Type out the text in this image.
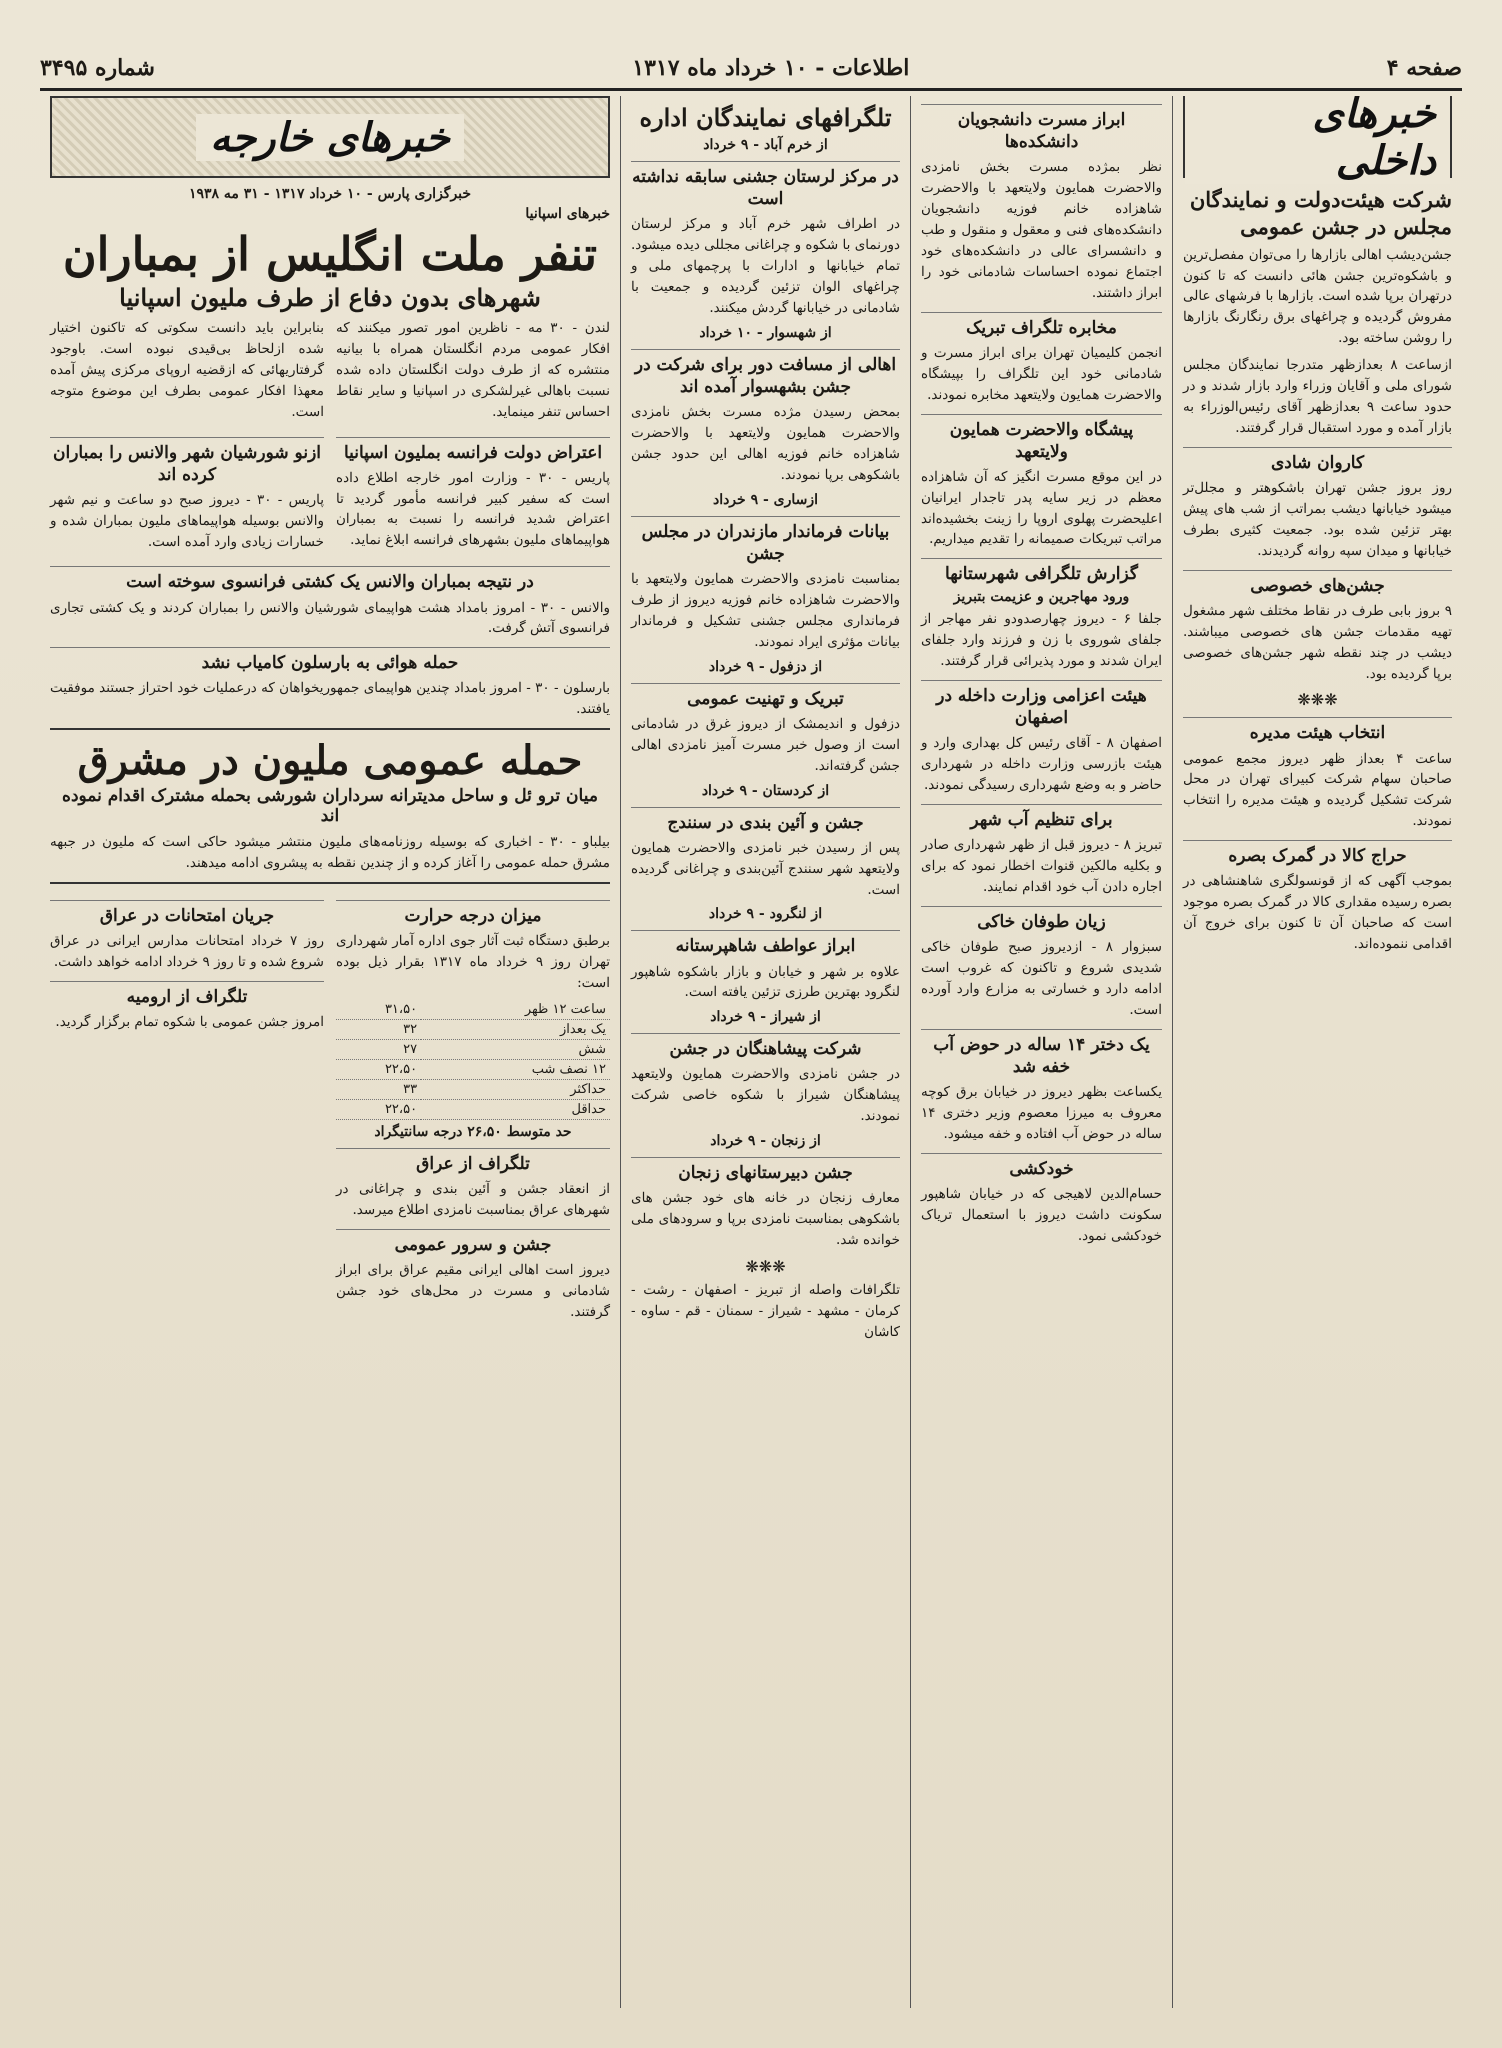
صفحه ۴
اطلاعات - ۱۰ خرداد ماه ۱۳۱۷
شماره ۳۴۹۵
خبرهای داخلی
شرکت هیئت‌دولت و نمایندگان مجلس در جشن عمومی

جشن‌دیشب اهالی بازارها را می‌توان مفصل‌ترین و باشکوه‌ترین جشن هائی دانست که تا کنون درتهران برپا شده است. بازارها با فرشهای عالی مفروش گردیده و چراغهای برق رنگارنگ بازارها را روشن ساخته بود.

ازساعت ۸ بعدازظهر متدرجا نمایندگان مجلس شورای ملی و آقایان وزراء وارد بازار شدند و در حدود ساعت ۹ بعدازظهر آقای رئیس‌الوزراء به بازار آمده و مورد استقبال قرار گرفتند.

کاروان شادی

روز بروز جشن تهران باشکوهتر و مجلل‌تر میشود خیابانها دیشب بمراتب از شب های پیش بهتر تزئین شده بود. جمعیت کثیری بطرف خیابانها و میدان سپه روانه گردیدند.

جشن‌های خصوصی

۹ بروز بابی طرف در نقاط مختلف شهر مشغول تهیه مقدمات جشن های خصوصی میباشند. دیشب در چند نقطه شهر جشن‌های خصوصی برپا گردیده بود.

❋❋❋
انتخاب هیئت مدیره

ساعت ۴ بعداز ظهر دیروز مجمع عمومی صاحبان سهام شرکت کبیرای تهران در محل شرکت تشکیل گردیده و هیئت مدیره را انتخاب نمودند.

حراج کالا در گمرک بصره

بموجب آگهی که از قونسولگری شاهنشاهی در بصره رسیده مقداری کالا در گمرک بصره موجود است که صاحبان آن تا کنون برای خروج آن اقدامی ننموده‌اند.

ابراز مسرت دانشجویان دانشکده‌ها

نظر بمژده مسرت بخش نامزدی والاحضرت همایون ولایتعهد با والاحضرت شاهزاده خانم فوزیه دانشجویان دانشکده‌های فنی و معقول و منقول و طب و دانشسرای عالی در دانشکده‌های خود اجتماع نموده احساسات شادمانی خود را ابراز داشتند.

مخابره تلگراف تبریک

انجمن کلیمیان تهران برای ابراز مسرت و شادمانی خود این تلگراف را بپیشگاه والاحضرت همایون ولایتعهد مخابره نمودند.

پیشگاه والاحضرت همایون ولایتعهد

در این موقع مسرت انگیز که آن شاهزاده معظم در زیر سایه پدر تاجدار ایرانیان اعلیحضرت پهلوی اروپا را زینت بخشیده‌اند مراتب تبریکات صمیمانه را تقدیم میداریم.

گزارش تلگرافی شهرستانها
ورود مهاجرین و عزیمت بتبریز

جلفا ۶ - دیروز چهارصدودو نفر مهاجر از جلفای شوروی با زن و فرزند وارد جلفای ایران شدند و مورد پذیرائی قرار گرفتند.

هیئت اعزامی وزارت داخله در اصفهان

اصفهان ۸ - آقای رئیس کل بهداری وارد و هیئت بازرسی وزارت داخله در شهرداری حاضر و به وضع شهرداری رسیدگی نمودند.

برای تنظیم آب شهر

تبریز ۸ - دیروز قبل از ظهر شهرداری صادر و بکلیه مالکین قنوات اخطار نمود که برای اجاره دادن آب خود اقدام نمایند.

زیان طوفان خاکی

سبزوار ۸ - ازدیروز صبح طوفان خاکی شدیدی شروع و تاکنون که غروب است ادامه دارد و خسارتی به مزارع وارد آورده است.

یک دختر ۱۴ ساله در حوض آب خفه شد

یکساعت بظهر دیروز در خیابان برق کوچه معروف به میرزا معصوم وزیر دختری ۱۴ ساله در حوض آب افتاده و خفه میشود.

خودکشی

حسام‌الدین لاهیجی که در خیابان شاهپور سکونت داشت دیروز با استعمال تریاک خودکشی نمود.

تلگرافهای نمایندگان اداره
از خرم آباد - ۹ خرداد
در مرکز لرستان جشنی سابقه نداشته است

در اطراف شهر خرم آباد و مرکز لرستان دورنمای با شکوه و چراغانی مجللی دیده میشود. تمام خیابانها و ادارات با پرچمهای ملی و چراغهای الوان تزئین گردیده و جمعیت با شادمانی در خیابانها گردش میکنند.

از شهسوار - ۱۰ خرداد
اهالی از مسافت دور برای شرکت در جشن بشهسوار آمده اند

بمحض رسیدن مژده مسرت بخش نامزدی والاحضرت همایون ولایتعهد با والاحضرت شاهزاده خانم فوزیه اهالی این حدود جشن باشکوهی برپا نمودند.

ازساری - ۹ خرداد
بیانات فرماندار مازندران در مجلس جشن

بمناسبت نامزدی والاحضرت همایون ولایتعهد با والاحضرت شاهزاده خانم فوزیه دیروز از طرف فرمانداری مجلس جشنی تشکیل و فرماندار بیانات مؤثری ایراد نمودند.

از دزفول - ۹ خرداد
تبریک و تهنیت عمومی

دزفول و اندیمشک از دیروز غرق در شادمانی است از وصول خبر مسرت آمیز نامزدی اهالی جشن گرفته‌اند.

از کردستان - ۹ خرداد
جشن و آئین بندی در سنندج

پس از رسیدن خبر نامزدی والاحضرت همایون ولایتعهد شهر سنندج آئین‌بندی و چراغانی گردیده است.

از لنگرود - ۹ خرداد
ابراز عواطف شاهپرستانه

علاوه بر شهر و خیابان و بازار باشکوه شاهپور لنگرود بهترین طرزی تزئین یافته است.

از شیراز - ۹ خرداد
شرکت پیشاهنگان در جشن

در جشن نامزدی والاحضرت همایون ولایتعهد پیشاهنگان شیراز با شکوه خاصی شرکت نمودند.

از زنجان - ۹ خرداد
جشن دبیرستانهای زنجان

معارف زنجان در خانه های خود جشن های باشکوهی بمناسبت نامزدی برپا و سرودهای ملی خوانده شد.

❋❋❋

تلگرافات واصله از تبریز - اصفهان - رشت - کرمان - مشهد - شیراز - سمنان - قم - ساوه - کاشان

خبرهای خارجه
خبرگزاری پارس - ۱۰ خرداد ۱۳۱۷ - ۳۱ مه ۱۹۳۸
خبرهای اسپانیا
تنفر ملت انگلیس از بمباران
شهرهای بدون دفاع از طرف ملیون اسپانیا

لندن - ۳۰ مه - ناظرین امور تصور میکنند که افکار عمومی مردم انگلستان همراه با بیانیه منتشره که از طرف دولت انگلستان داده شده نسبت باهالی غیرلشکری در اسپانیا و سایر نقاط احساس تنفر مینماید.

بنابراین باید دانست سکوتی که تاکنون اختیار شده ازلحاظ بی‌قیدی نبوده است. باوجود گرفتاریهائی که ازقضیه اروپای مرکزی پیش آمده معهذا افکار عمومی بطرف این موضوع متوجه است.

اعتراض دولت فرانسه بملیون اسپانیا

پاریس - ۳۰ - وزارت امور خارجه اطلاع داده است که سفیر کبیر فرانسه مأمور گردید تا اعتراض شدید فرانسه را نسبت به بمباران هواپیماهای ملیون بشهرهای فرانسه ابلاغ نماید.

ازنو شورشیان شهر والانس را بمباران کرده اند

پاریس - ۳۰ - دیروز صبح دو ساعت و نیم شهر والانس بوسیله هواپیماهای ملیون بمباران شده و خسارات زیادی وارد آمده است.

در نتیجه بمباران والانس یک کشتی فرانسوی سوخته است

والانس - ۳۰ - امروز بامداد هشت هواپیمای شورشیان والانس را بمباران کردند و یک کشتی تجاری فرانسوی آتش گرفت.

حمله هوائی به بارسلون کامیاب نشد

بارسلون - ۳۰ - امروز بامداد چندین هواپیمای جمهوریخواهان که درعملیات خود احتراز جستند موفقیت یافتند.

حمله عمومی ملیون در مشرق
میان ترو ئل و ساحل مدیترانه سرداران شورشی بحمله مشترک اقدام نموده اند

بیلباو - ۳۰ - اخباری که بوسیله روزنامه‌های ملیون منتشر میشود حاکی است که ملیون در جبهه مشرق حمله عمومی را آغاز کرده و از چندین نقطه به پیشروی ادامه میدهند.

میزان درجه حرارت

برطبق دستگاه ثبت آثار جوی اداره آمار شهرداری تهران روز ۹ خرداد ماه ۱۳۱۷ بقرار ذیل بوده است:

ساعت ۱۲ ظهر	۳۱،۵۰
یک بعداز	۳۲
شش	۲۷
۱۲ نصف شب	۲۲،۵۰
حداکثر	۳۳
حداقل	۲۲،۵۰
حد متوسط ۲۶،۵۰ درجه سانتیگراد
تلگراف از عراق

از انعقاد جشن و آئین بندی و چراغانی در شهرهای عراق بمناسبت نامزدی اطلاع میرسد.

جشن و سرور عمومی

دیروز است اهالی ایرانی مقیم عراق برای ابراز شادمانی و مسرت در محل‌های خود جشن گرفتند.

جریان امتحانات در عراق

روز ۷ خرداد امتحانات مدارس ایرانی در عراق شروع شده و تا روز ۹ خرداد ادامه خواهد داشت.

تلگراف از ارومیه

امروز جشن عمومی با شکوه تمام برگزار گردید.
